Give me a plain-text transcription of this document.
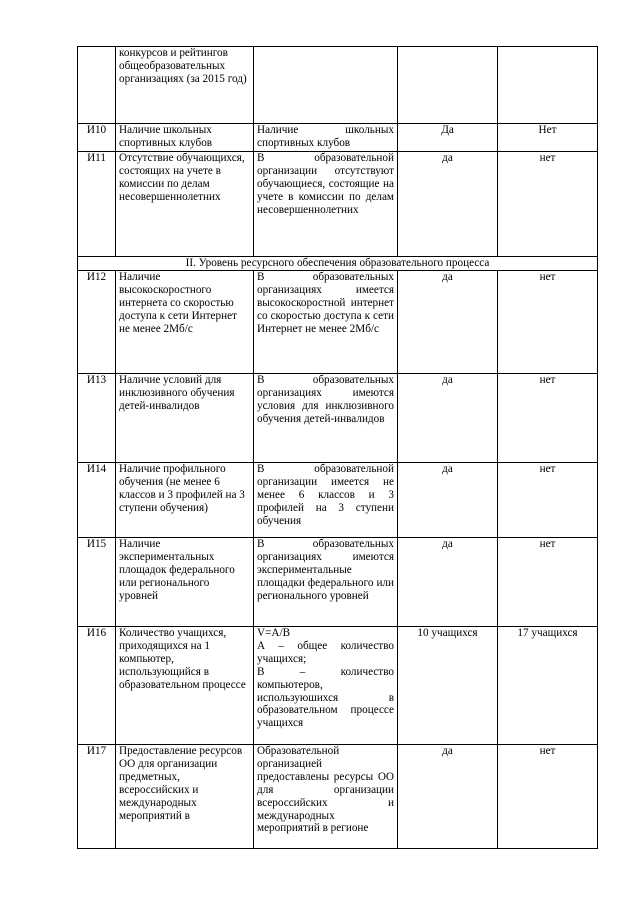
	конкурсов и рейтингов общеобразовательных организациях (за 2015 год)			
И10	Наличие школьных спортивных клубов	Наличие школьных спортивных клубов	Да	Нет
И11	Отсутствие обучающихся, состоящих на учете в комиссии по делам несовершеннолетних	В образовательной организации отсутствуют обучающиеся, состоящие на учете в комиссии по делам несовершеннолетних	да	нет
II. Уровень ресурсного обеспечения образовательного процесса				
И12	Наличие высокоскоростного интернета со скоростью доступа к сети Интернет не менее 2Мб/с	В образовательных организациях имеется высокоскоростной интернет со скоростью доступа к сети Интернет не менее 2Мб/с	да	нет
И13	Наличие условий для инклюзивного обучения детей-инвалидов	В образовательных организациях имеются условия для инклюзивного обучения детей-инвалидов	да	нет
И14	Наличие профильного обучения (не менее 6 классов и 3 профилей на 3 ступени обучения)	В образовательной организации имеется не менее 6 классов и 3 профилей на 3 ступени обучения	да	нет
И15	Наличие экспериментальных площадок федерального или регионального уровней	В образовательных организациях имеются экспериментальные площадки федерального или регионального уровней	да	нет
И16	Количество учащихся, приходящихся на 1 компьютер, использующийся в образовательном процессе	V=A/B
А – общее количество учащихся;
В – количество компьютеров, используюшихся в образовательном процессе учащихся	10 учащихся	17 учащихся
И17	Предоставление ресурсов ОО для организации предметных, всероссийских и международных мероприятий в	Образовательной организацией предоставлены ресурсы ОО для организации всероссийских и международных мероприятий в регионе	да	нет
